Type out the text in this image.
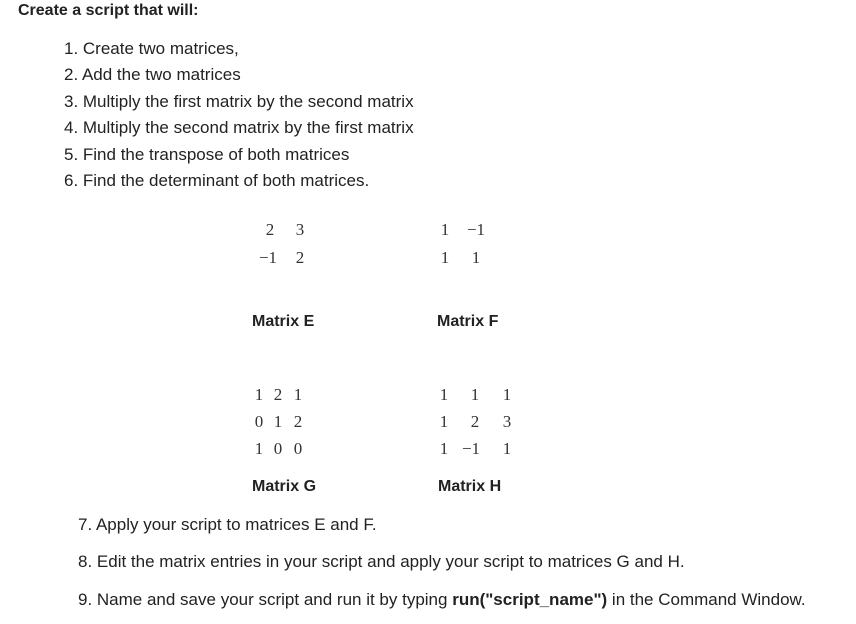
Create a script that will:
1. Create two matrices,
2. Add the two matrices
3. Multiply the first matrix by the second matrix
4. Multiply the second matrix by the first matrix
5. Find the transpose of both matrices
6. Find the determinant of both matrices.
2	3
−1	2
Matrix E
1	−1
1	1
Matrix F
1 2 1
0 1 2
1 0 0
Matrix G
1	1	1
1	2	3
1 −1	1
Matrix H
7. Apply your script to matrices E and F.
8. Edit the matrix entries in your script and apply your script to matrices G and H.
9. Name and save your script and run it by typing run("script_name") in the Command Window.
